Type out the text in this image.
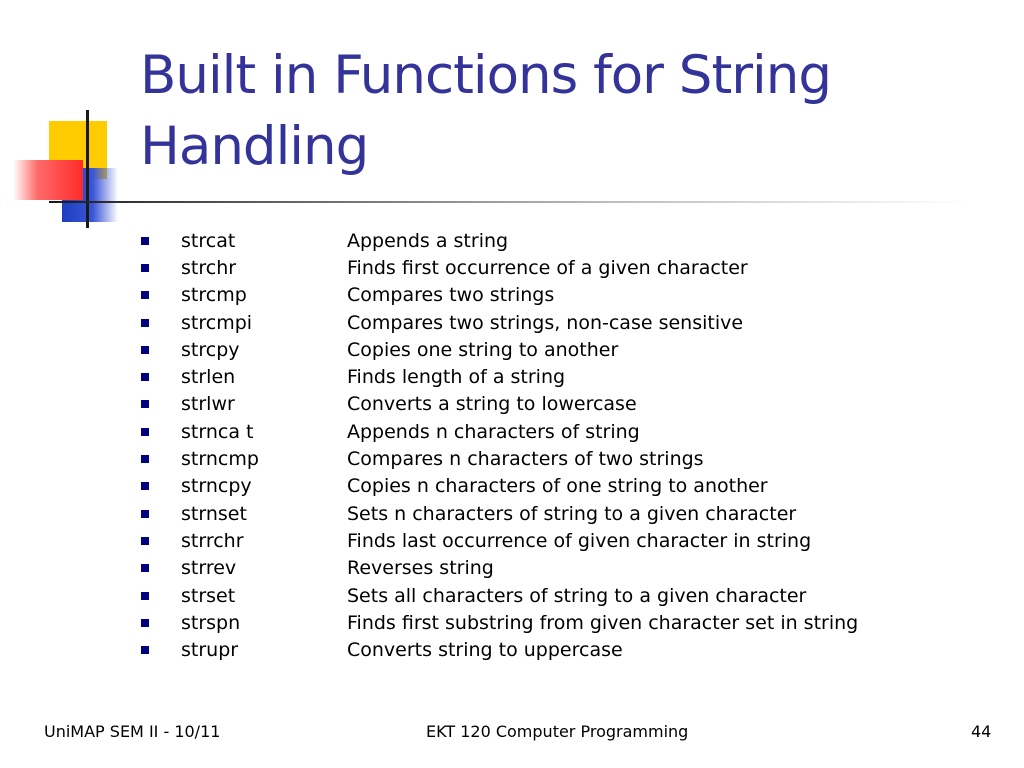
Built in Functions for String
Handling
strcat	Appends a string
strchr	Finds first occurrence of a given character
strcmp	Compares two strings
strcmpi	Compares two strings, non-case sensitive
strcpy	Copies one string to another
strlen	Finds length of a string
strlwr	Converts a string to lowercase
strnca t	Appends n characters of string
strncmp	Compares n characters of two strings
strncpy	Copies n characters of one string to another
strnset	Sets n characters of string to a given character
strrchr	Finds last occurrence of given character in string
strrev	Reverses string
strset	Sets all characters of string to a given character
strspn	Finds first substring from given character set in string
strupr	Converts string to uppercase
UniMAP SEM II - 10/11	EKT 120 Computer Programming	44
